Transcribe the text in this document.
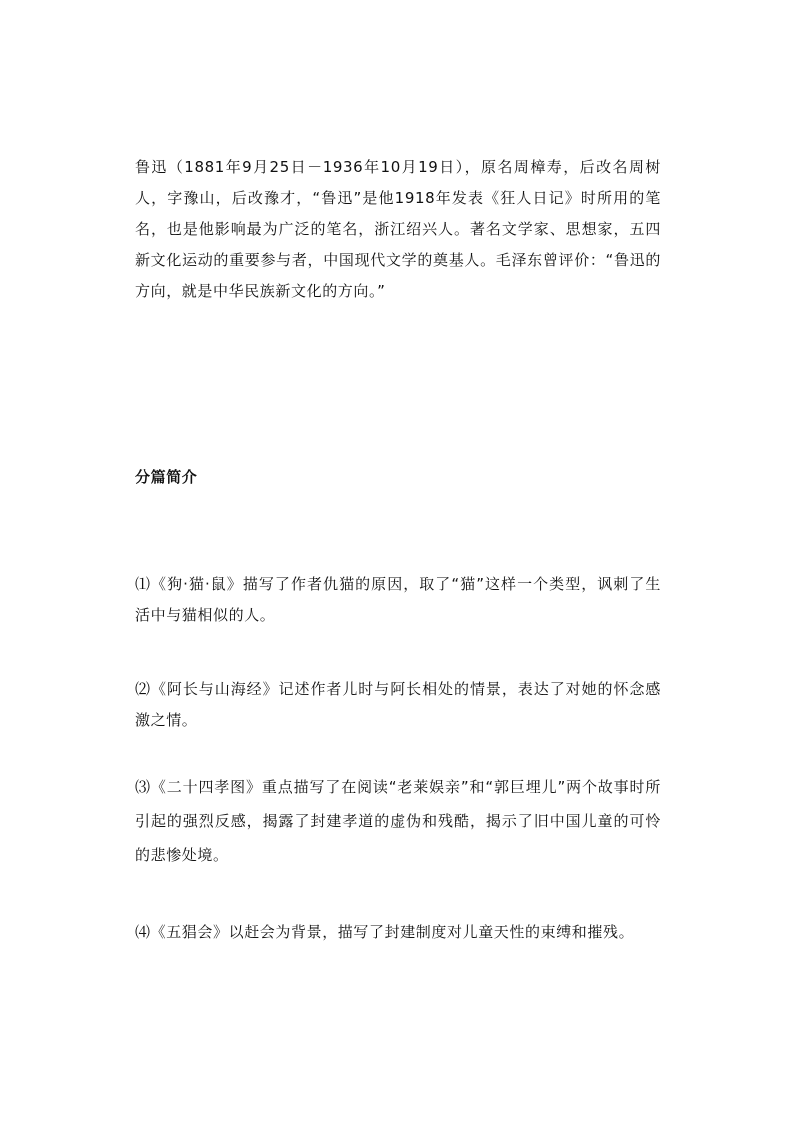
鲁迅（1881年9月25日－1936年10月19日），原名周樟寿，后改名周树人，字豫山，后改豫才，“鲁迅”是他1918年发表《狂人日记》时所用的笔名，也是他影响最为广泛的笔名，浙江绍兴人。著名文学家、思想家，五四新文化运动的重要参与者，中国现代文学的奠基人。毛泽东曾评价：“鲁迅的方向，就是中华民族新文化的方向。”

分篇简介

⑴《狗·猫·鼠》描写了作者仇猫的原因，取了“猫”这样一个类型，讽刺了生活中与猫相似的人。

⑵《阿长与山海经》记述作者儿时与阿长相处的情景，表达了对她的怀念感激之情。

⑶《二十四孝图》重点描写了在阅读“老莱娱亲”和“郭巨埋儿”两个故事时所引起的强烈反感，揭露了封建孝道的虚伪和残酷，揭示了旧中国儿童的可怜的悲惨处境。

⑷《五猖会》以赶会为背景，描写了封建制度对儿童天性的束缚和摧残。
